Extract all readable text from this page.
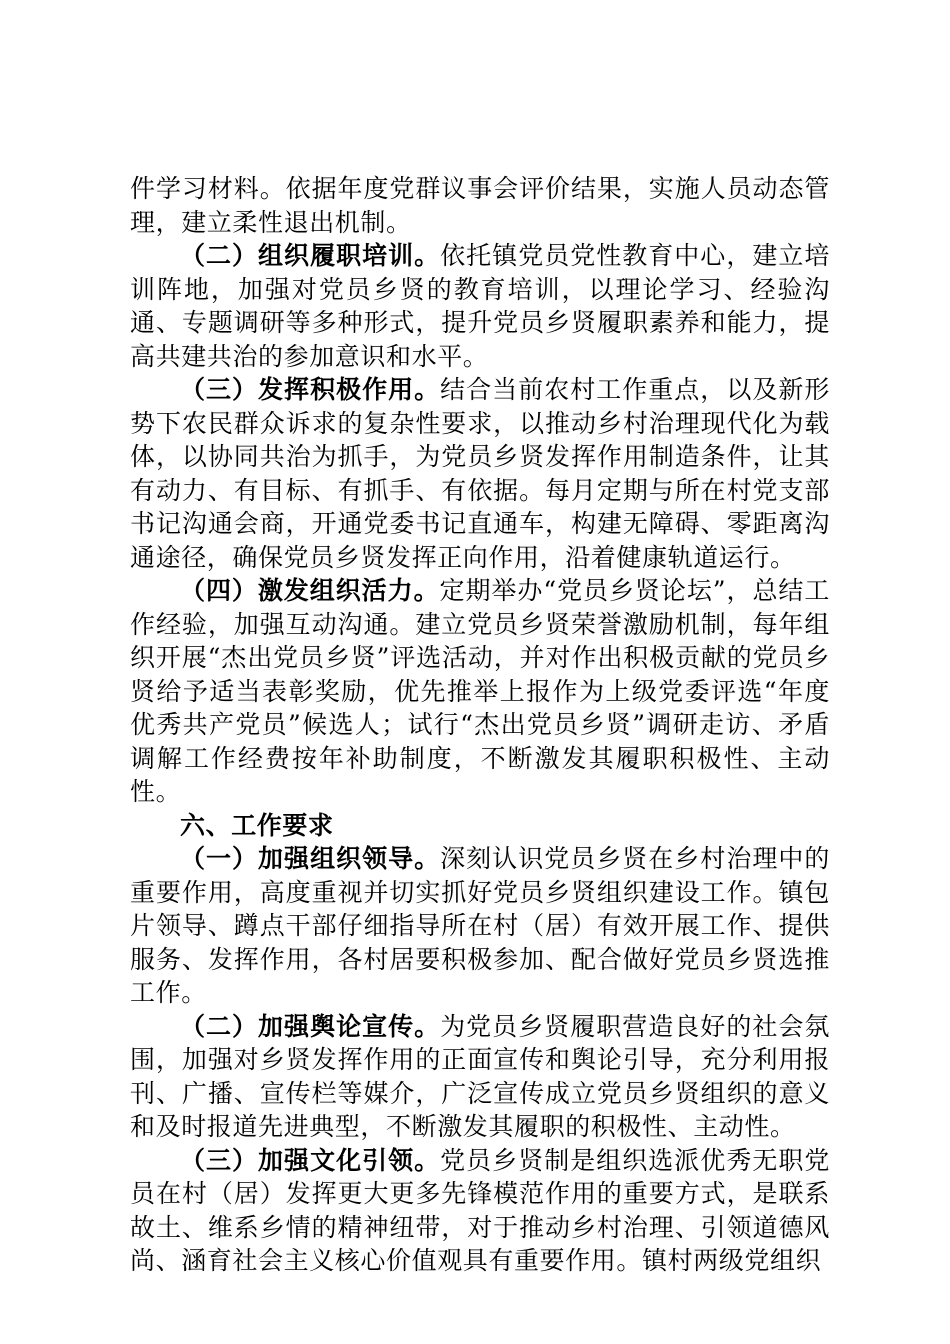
件学习材料。依据年度党群议事会评价结果，实施人员动态管理，建立柔性退出机制。

（二）组织履职培训。依托镇党员党性教育中心，建立培训阵地，加强对党员乡贤的教育培训，以理论学习、经验沟通、专题调研等多种形式，提升党员乡贤履职素养和能力，提高共建共治的参加意识和水平。

（三）发挥积极作用。结合当前农村工作重点，以及新形势下农民群众诉求的复杂性要求，以推动乡村治理现代化为载体，以协同共治为抓手，为党员乡贤发挥作用制造条件，让其有动力、有目标、有抓手、有依据。每月定期与所在村党支部书记沟通会商，开通党委书记直通车，构建无障碍、零距离沟通途径，确保党员乡贤发挥正向作用，沿着健康轨道运行。

（四）激发组织活力。定期举办“党员乡贤论坛”，总结工作经验，加强互动沟通。建立党员乡贤荣誉激励机制，每年组织开展“杰出党员乡贤”评选活动，并对作出积极贡献的党员乡贤给予适当表彰奖励，优先推举上报作为上级党委评选“年度优秀共产党员”候选人；试行“杰出党员乡贤”调研走访、矛盾调解工作经费按年补助制度，不断激发其履职积极性、主动性。

六、工作要求

（一）加强组织领导。深刻认识党员乡贤在乡村治理中的重要作用，高度重视并切实抓好党员乡贤组织建设工作。镇包片领导、蹲点干部仔细指导所在村（居）有效开展工作、提供服务、发挥作用，各村居要积极参加、配合做好党员乡贤选推工作。

（二）加强舆论宣传。为党员乡贤履职营造良好的社会氛围，加强对乡贤发挥作用的正面宣传和舆论引导，充分利用报刊、广播、宣传栏等媒介，广泛宣传成立党员乡贤组织的意义和及时报道先进典型，不断激发其履职的积极性、主动性。

（三）加强文化引领。党员乡贤制是组织选派优秀无职党员在村（居）发挥更大更多先锋模范作用的重要方式，是联系故土、维系乡情的精神纽带，对于推动乡村治理、引领道德风尚、涵育社会主义核心价值观具有重要作用。镇村两级党组织
